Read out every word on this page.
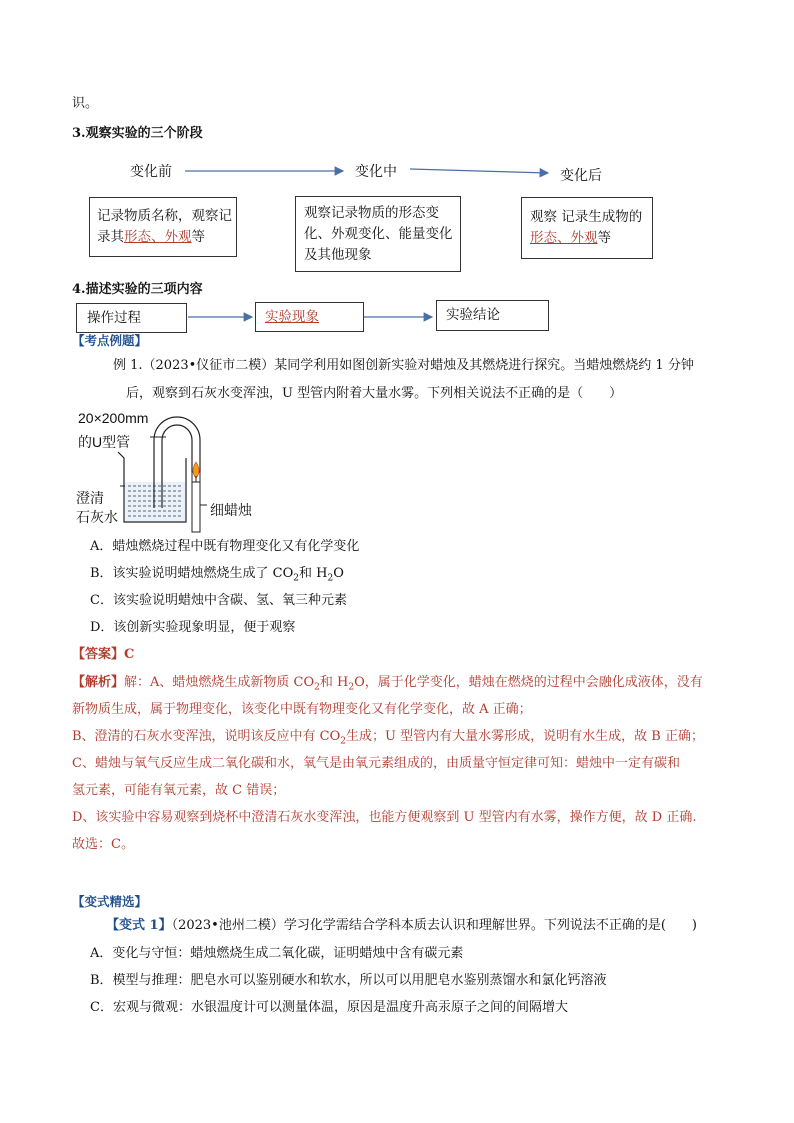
识。
3.观察实验的三个阶段
变化前	变化中	变化后
记录物质名称，观察记录其形态、外观等
观察记录物质的形态变化、外观变化、能量变化及其他现象
观察 记录生成物的形态、外观等
4.描述实验的三项内容
操作过程	实验现象	实验结论
【考点例题】
例 1.（2023•仪征市二模）某同学利用如图创新实验对蜡烛及其燃烧进行探究。当蜡烛燃烧约 1 分钟
后，观察到石灰水变浑浊，U 型管内附着大量水雾。下列相关说法不正确的是（　　）
20×200mm
的U型管
澄清
石灰水	细蜡烛
A．蜡烛燃烧过程中既有物理变化又有化学变化
B．该实验说明蜡烛燃烧生成了 $CO_2$和 $H_2O$
C．该实验说明蜡烛中含碳、氢、氧三种元素
D．该创新实验现象明显，便于观察
【答案】C
【解析】解：A、蜡烛燃烧生成新物质 $CO_2$和 $H_2O$，属于化学变化，蜡烛在燃烧的过程中会融化成液体，没有
新物质生成，属于物理变化，该变化中既有物理变化又有化学变化，故 A 正确；
B、澄清的石灰水变浑浊，说明该反应中有 $CO_2$生成；U 型管内有大量水雾形成，说明有水生成，故 B 正确；
C、蜡烛与氧气反应生成二氧化碳和水，氧气是由氧元素组成的，由质量守恒定律可知：蜡烛中一定有碳和
氢元素，可能有氧元素，故 C 错误；
D、该实验中容易观察到烧杯中澄清石灰水变浑浊，也能方便观察到 U 型管内有水雾，操作方便，故 D 正确.
故选：C。
【变式精选】
【变式 1】（2023•池州二模）学习化学需结合学科本质去认识和理解世界。下列说法不正确的是(　　)
A．变化与守恒：蜡烛燃烧生成二氧化碳，证明蜡烛中含有碳元素
B．模型与推理：肥皂水可以鉴别硬水和软水，所以可以用肥皂水鉴别蒸馏水和氯化钙溶液
C．宏观与微观：水银温度计可以测量体温，原因是温度升高汞原子之间的间隔增大
